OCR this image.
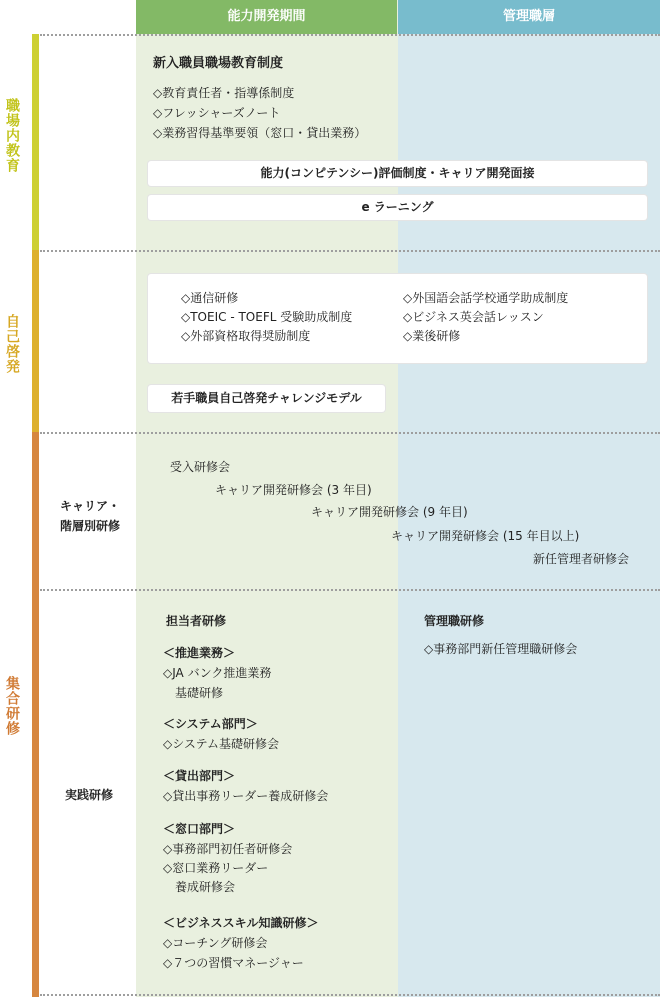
能力開発期間	管理職層
職場内教育
自己啓発
集合研修
新入職員職場教育制度
◇教育責任者・指導係制度
◇フレッシャーズノート
◇業務習得基準要領（窓口・貸出業務）
能力(コンピテンシー)評価制度・キャリア開発面接
e ラーニング
◇通信研修
◇TOEIC - TOEFL 受験助成制度
◇外部資格取得奨励制度
◇外国語会話学校通学助成制度
◇ビジネス英会話レッスン
◇業後研修
若手職員自己啓発チャレンジモデル
キャリア・
階層別研修
受入研修会
キャリア開発研修会 (3 年目)
キャリア開発研修会 (9 年目)
キャリア開発研修会 (15 年目以上)
新任管理者研修会
実践研修
担当者研修
＜推進業務＞
◇JA バンク推進業務
　基礎研修
＜システム部門＞
◇システム基礎研修会
＜貸出部門＞
◇貸出事務リーダー養成研修会
＜窓口部門＞
◇事務部門初任者研修会
◇窓口業務リーダー
　養成研修会
＜ビジネススキル知識研修＞
◇コーチング研修会
◇７つの習慣マネージャー
管理職研修
◇事務部門新任管理職研修会
